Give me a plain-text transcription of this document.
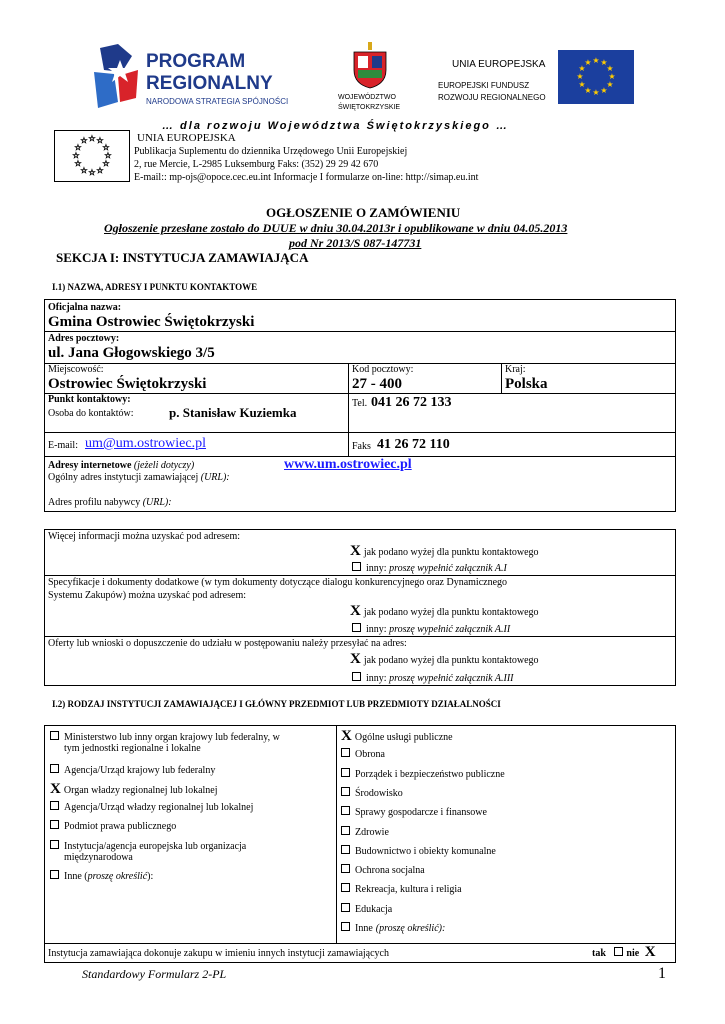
PROGRAM
REGIONALNY
NARODOWA STRATEGIA SPÓJNOŚCI	WOJEWÓDZTWO
ŚWIĘTOKRZYSKIE
UNIA EUROPEJSKA
EUROPEJSKI FUNDUSZ
ROZWOJU REGIONALNEGO
★ ★
★
★
★
★
★
★
★
★
★
★
… dla rozwoju Województwa Świętokrzyskiego …
☆ ☆
☆
☆
☆
☆
☆
☆
☆
☆
☆
☆	UNIA EUROPEJSKA
Publikacja Suplementu do dziennika Urzędowego Unii Europejskiej
2, rue Mercie, L-2985 Luksemburg Faks: (352) 29 29 42 670
E-mail:: mp-ojs@opoce.cec.eu.int Informacje I formularze on-line: http://simap.eu.int
OGŁOSZENIE O ZAMÓWIENIU
Ogłoszenie przesłane zostało do DUUE w dniu 30.04.2013r i opublikowane w dniu 04.05.2013
pod Nr 2013/S 087-147731
SEKCJA I: INSTYTUCJA ZAMAWIAJĄCA
I.1) NAZWA, ADRESY I PUNKTU KONTAKTOWE
Oficjalna nazwa:
Gmina Ostrowiec Świętokrzyski
Adres pocztowy:
ul. Jana Głogowskiego 3/5
Miejscowość:
Ostrowiec Świętokrzyski
Kod pocztowy:
27 - 400
Kraj:
Polska
Punkt kontaktowy:
Osoba do kontaktów:	p. Stanisław Kuziemka
Tel. 041 26 72 133
E-mail: um@um.ostrowiec.pl	Faks 41 26 72 110
Adresy internetowe (jeżeli dotyczy)	www.um.ostrowiec.pl
Ogólny adres instytucji zamawiającej (URL):
Adres profilu nabywcy (URL):
Więcej informacji można uzyskać pod adresem:
Xjak podano wyżej dla punktu kontaktowego
inny: proszę wypełnić załącznik A.I
Specyfikacje i dokumenty dodatkowe (w tym dokumenty dotyczące dialogu konkurencyjnego oraz Dynamicznego
Systemu Zakupów) można uzyskać pod adresem:
Xjak podano wyżej dla punktu kontaktowego
inny: proszę wypełnić załącznik A.II
Oferty lub wnioski o dopuszczenie do udziału w postępowaniu należy przesyłać na adres:
Xjak podano wyżej dla punktu kontaktowego
inny: proszę wypełnić załącznik A.III
I.2) RODZAJ INSTYTUCJI ZAMAWIAJĄCEJ I GŁÓWNY PRZEDMIOT LUB PRZEDMIOTY DZIAŁALNOŚCI
Ministerstwo lub inny organ krajowy lub federalny, w
tym jednostki regionalne i lokalne
Agencja/Urząd krajowy lub federalny
X Organ władzy regionalnej lub lokalnej
Agencja/Urząd władzy regionalnej lub lokalnej
Podmiot prawa publicznego
Instytucja/agencja europejska lub organizacja
międzynarodowa
Inne (proszę określić):
X Ogólne usługi publiczne
Obrona
Porządek i bezpieczeństwo publiczne
Środowisko
Sprawy gospodarcze i finansowe
Zdrowie
Budownictwo i obiekty komunalne
Ochrona socjalna
Rekreacja, kultura i religia
Edukacja
Inne (proszę określić):
Instytucja zamawiająca dokonuje zakupu w imieniu innych instytucji zamawiających	tak nie X
Standardowy Formularz 2-PL	1
